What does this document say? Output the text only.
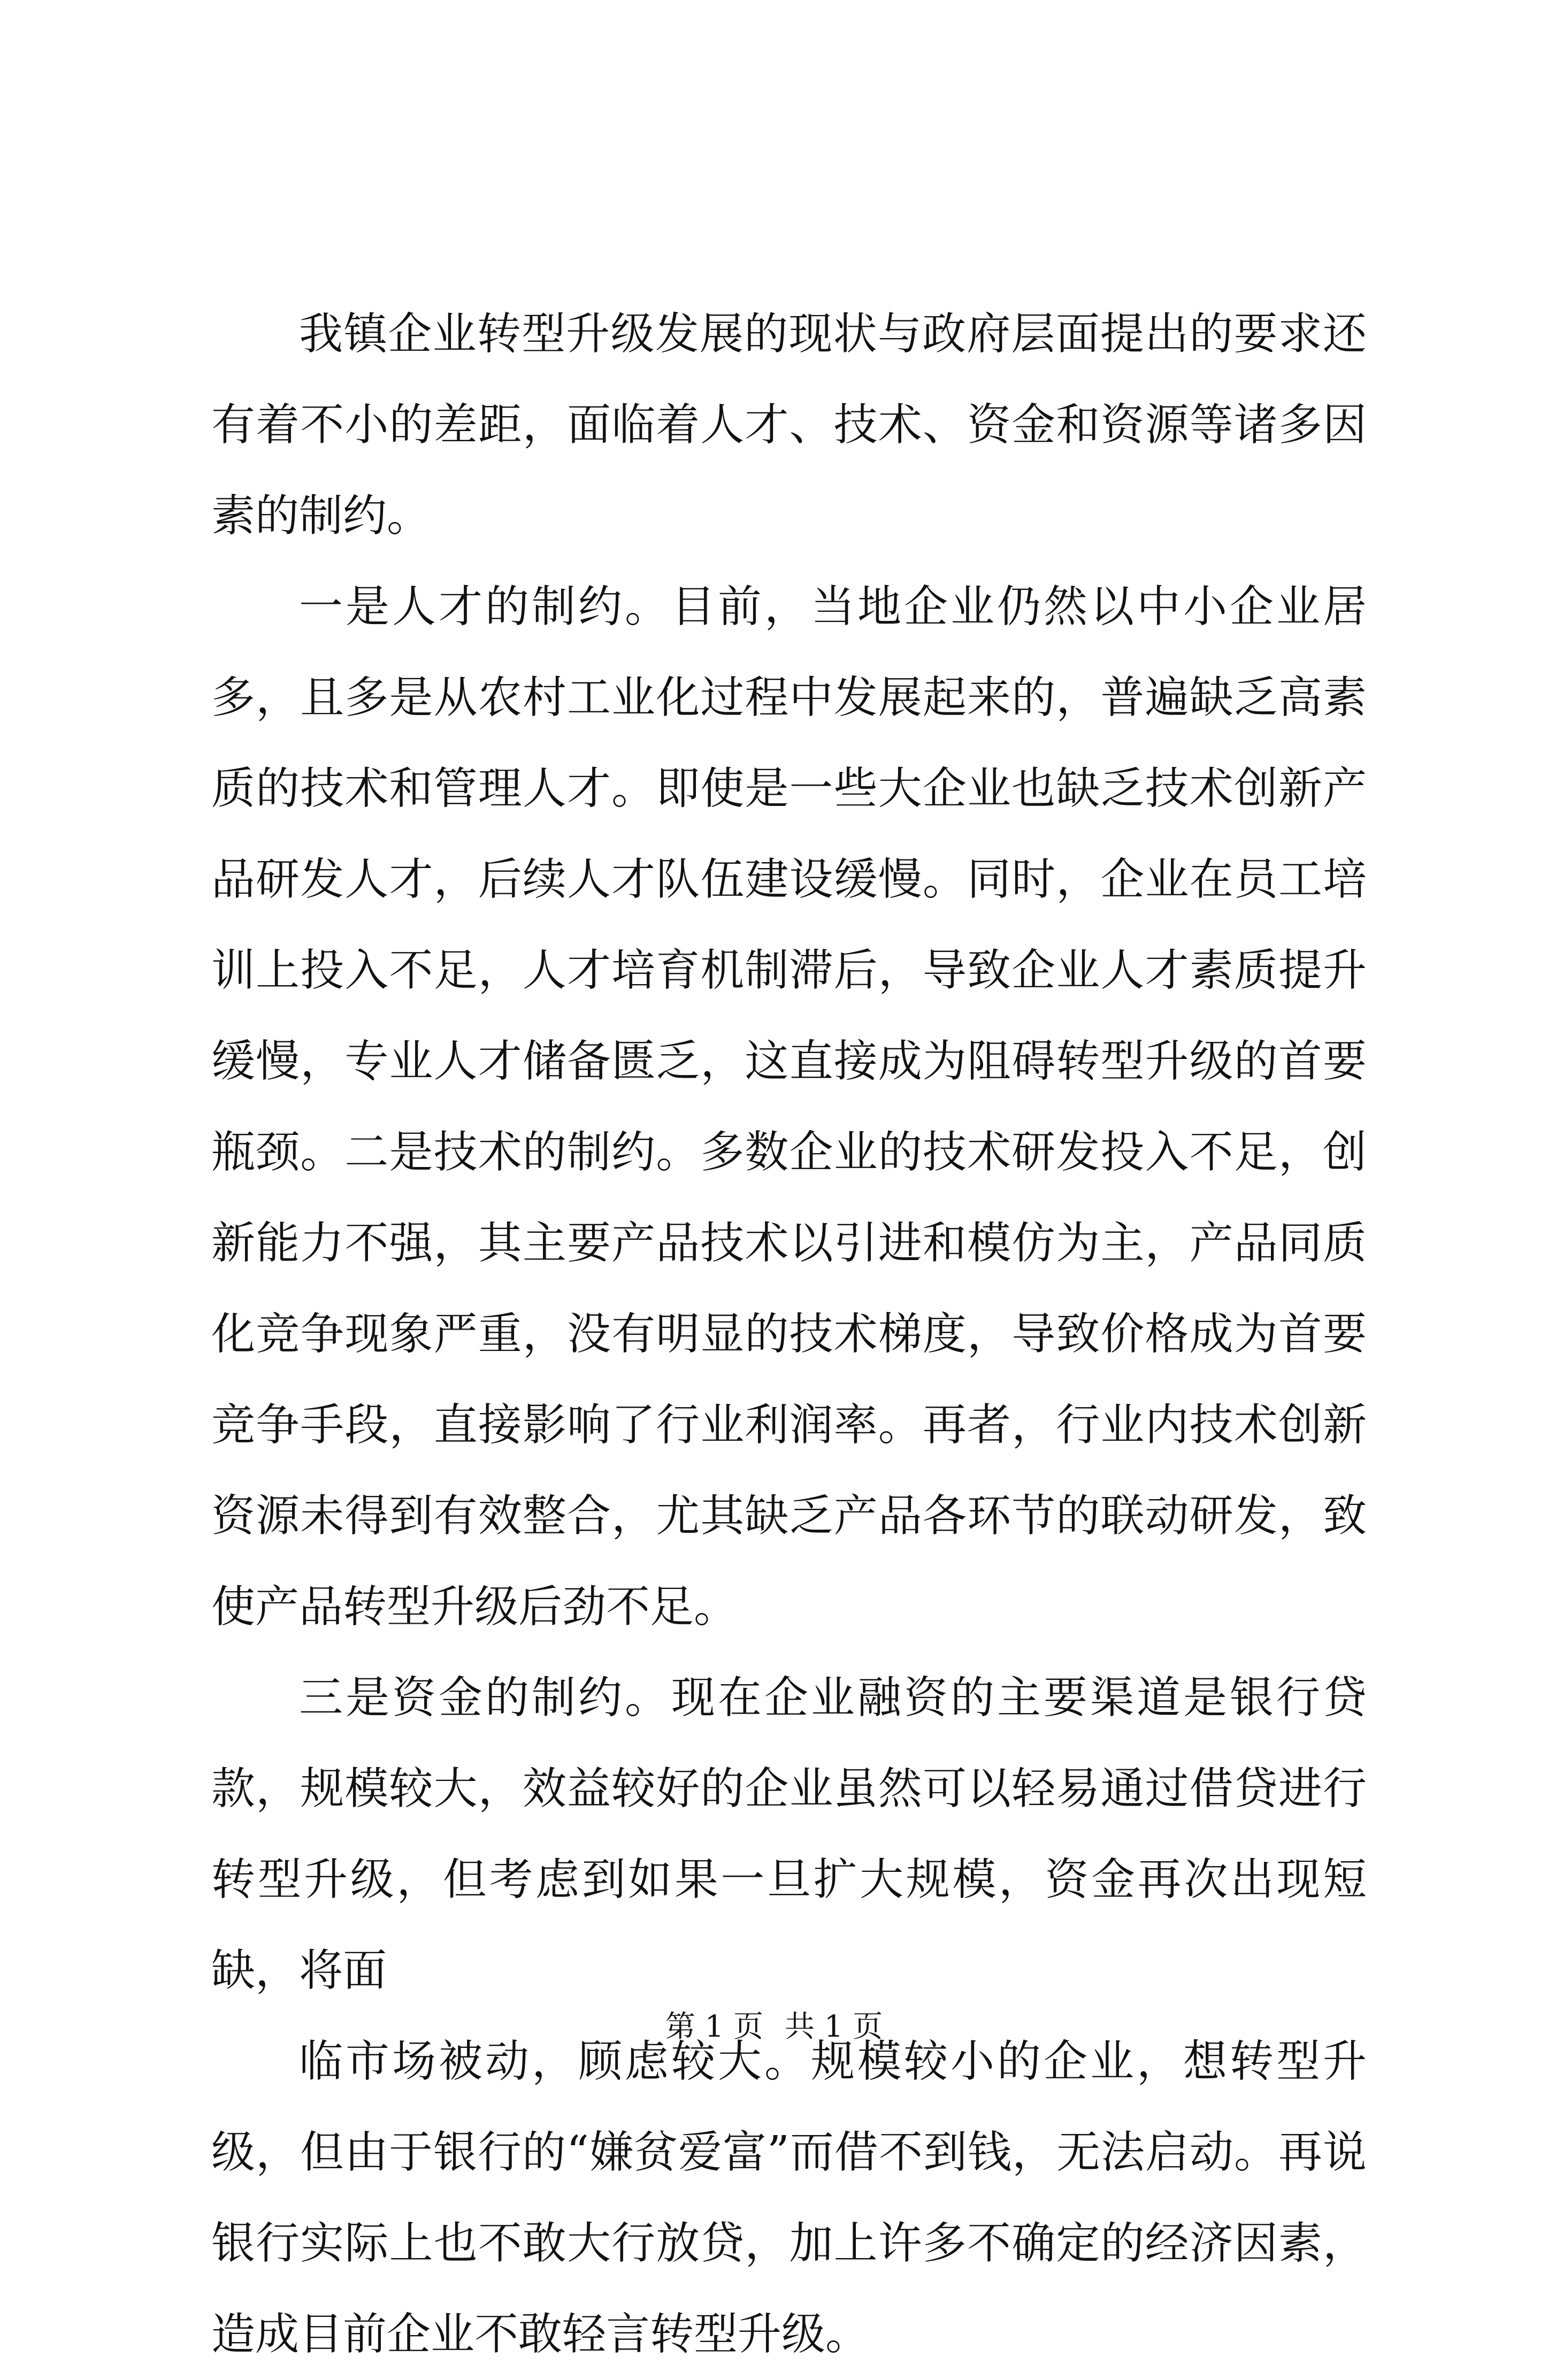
我镇企业转型升级发展的现状与政府层面提出的要求还有着不小的差距，面临着人才、技术、资金和资源等诸多因素的制约。

一是人才的制约。目前，当地企业仍然以中小企业居多，且多是从农村工业化过程中发展起来的，普遍缺乏高素质的技术和管理人才。即使是一些大企业也缺乏技术创新产品研发人才，后续人才队伍建设缓慢。同时，企业在员工培训上投入不足，人才培育机制滞后，导致企业人才素质提升缓慢，专业人才储备匮乏，这直接成为阻碍转型升级的首要瓶颈。二是技术的制约。多数企业的技术研发投入不足，创新能力不强，其主要产品技术以引进和模仿为主，产品同质化竞争现象严重，没有明显的技术梯度，导致价格成为首要竞争手段，直接影响了行业利润率。再者，行业内技术创新资源未得到有效整合，尤其缺乏产品各环节的联动研发，致使产品转型升级后劲不足。

三是资金的制约。现在企业融资的主要渠道是银行贷款，规模较大，效益较好的企业虽然可以轻易通过借贷进行转型升级，但考虑到如果一旦扩大规模，资金再次出现短缺，将面

临市场被动，顾虑较大。规模较小的企业，想转型升级，但由于银行的“嫌贫爱富”而借不到钱，无法启动。再说银行实际上也不敢大行放贷，加上许多不确定的经济因素，造成目前企业不敢轻言转型升级。

第 1 页 共 1 页
